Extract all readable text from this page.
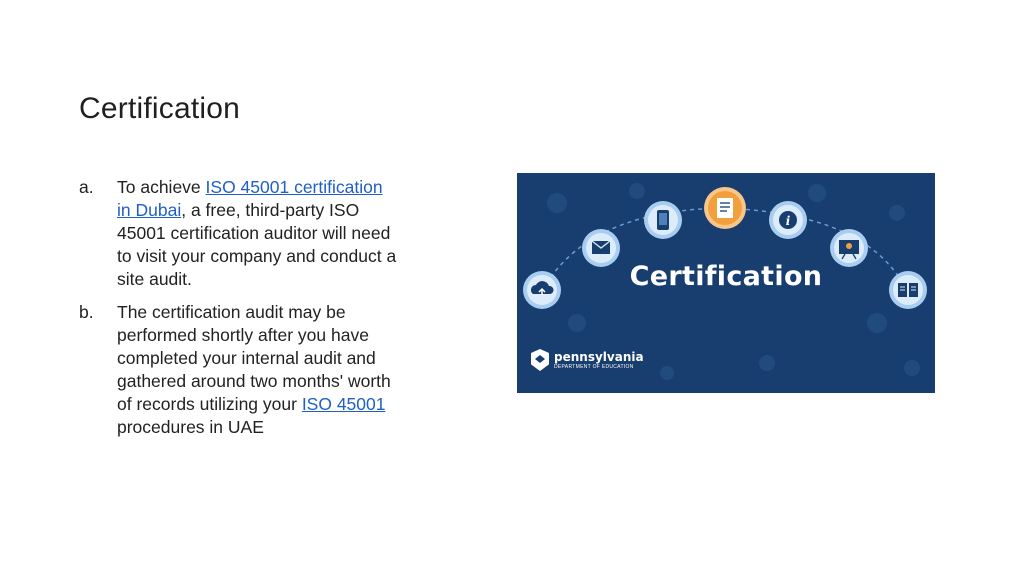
Certification
a.	To achieve ISO 45001 certification in Dubai, a free, third-party ISO 45001 certification auditor will need to visit your company and conduct a site audit.
b.	The certification audit may be performed shortly after you have completed your internal audit and gathered around two months' worth of records utilizing your ISO 45001 procedures in UAE
i
Certification
pennsylvania
DEPARTMENT OF EDUCATION
